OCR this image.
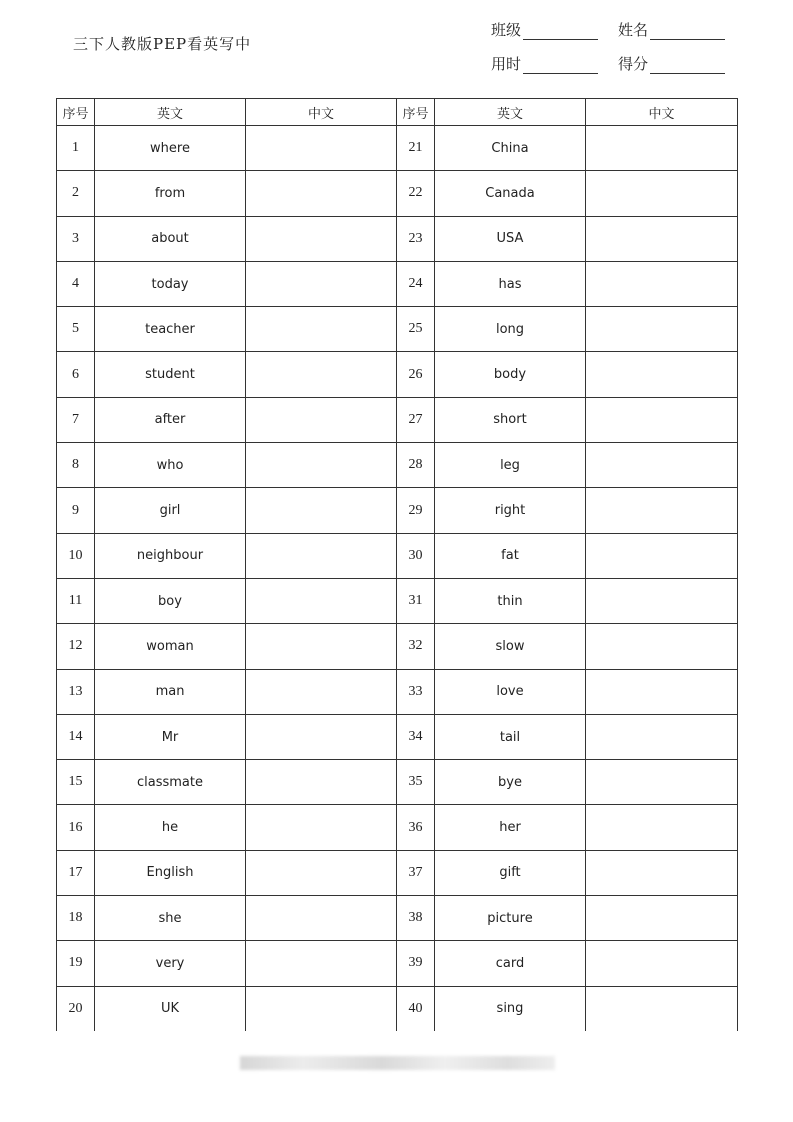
三下人教版PEP看英写中
班级	姓名
用时	得分
序号	英文	中文	序号	英文	中文
1	where		21	China	
2	from		22	Canada	
3	about		23	USA	
4	today		24	has	
5	teacher		25	long	
6	student		26	body	
7	after		27	short	
8	who		28	leg	
9	girl		29	right	
10	neighbour		30	fat	
11	boy		31	thin	
12	woman		32	slow	
13	man		33	love	
14	Mr		34	tail	
15	classmate		35	bye	
16	he		36	her	
17	English		37	gift	
18	she		38	picture	
19	very		39	card	
20	UK		40	sing	
